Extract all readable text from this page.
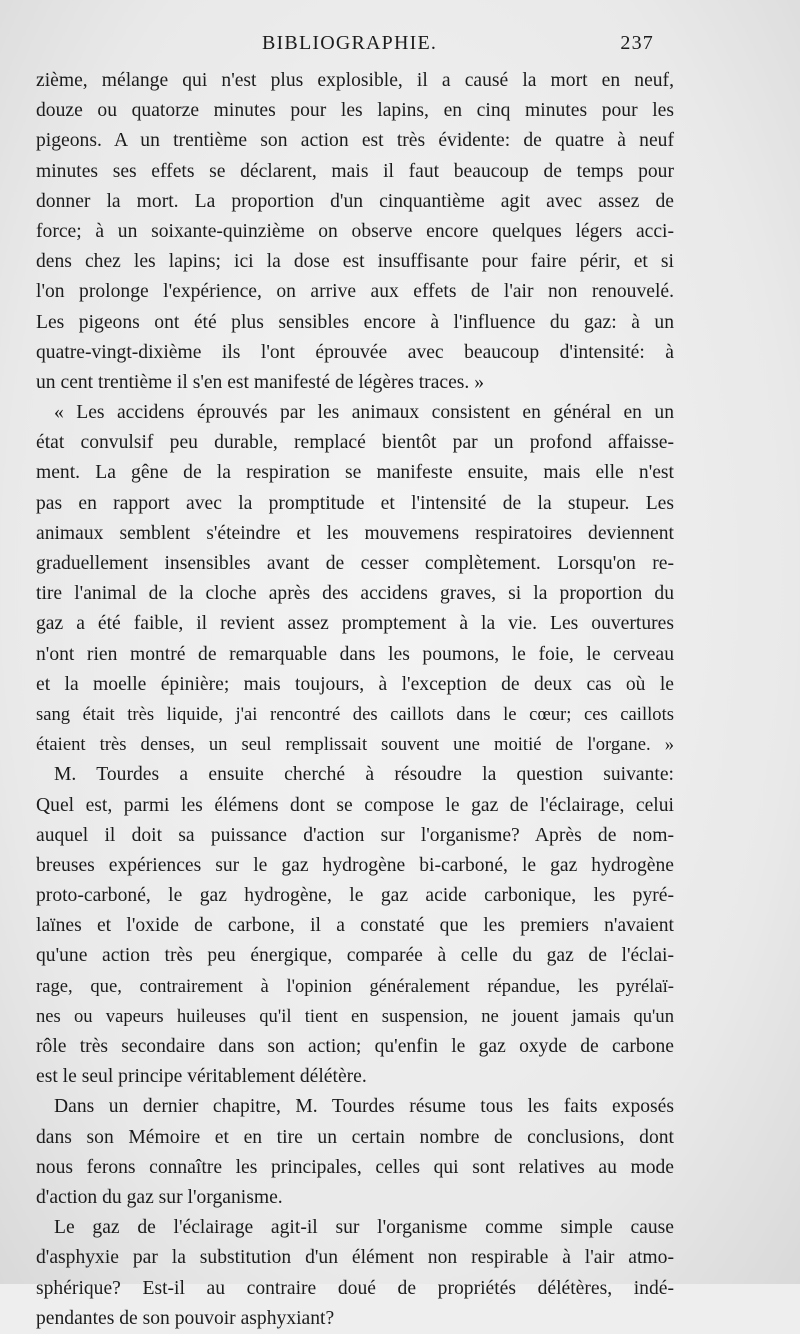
BIBLIOGRAPHIE.	237
zième, mélange qui n'est plus explosible, il a causé la mort en neuf,
douze ou quatorze minutes pour les lapins, en cinq minutes pour les
pigeons. A un trentième son action est très évidente: de quatre à neuf
minutes ses effets se déclarent, mais il faut beaucoup de temps pour
donner la mort. La proportion d'un cinquantième agit avec assez de
force; à un soixante-quinzième on observe encore quelques légers acci-
dens chez les lapins; ici la dose est insuffisante pour faire périr, et si
l'on prolonge l'expérience, on arrive aux effets de l'air non renouvelé.
Les pigeons ont été plus sensibles encore à l'influence du gaz: à un
quatre-vingt-dixième ils l'ont éprouvée avec beaucoup d'intensité: à
un cent trentième il s'en est manifesté de légères traces. »
« Les accidens éprouvés par les animaux consistent en général en un
état convulsif peu durable, remplacé bientôt par un profond affaisse-
ment. La gêne de la respiration se manifeste ensuite, mais elle n'est
pas en rapport avec la promptitude et l'intensité de la stupeur. Les
animaux semblent s'éteindre et les mouvemens respiratoires deviennent
graduellement insensibles avant de cesser complètement. Lorsqu'on re-
tire l'animal de la cloche après des accidens graves, si la proportion du
gaz a été faible, il revient assez promptement à la vie. Les ouvertures
n'ont rien montré de remarquable dans les poumons, le foie, le cerveau
et la moelle épinière; mais toujours, à l'exception de deux cas où le
sang était très liquide, j'ai rencontré des caillots dans le cœur; ces caillots
étaient très denses, un seul remplissait souvent une moitié de l'organe. »
M. Tourdes a ensuite cherché à résoudre la question suivante:
Quel est, parmi les élémens dont se compose le gaz de l'éclairage, celui
auquel il doit sa puissance d'action sur l'organisme? Après de nom-
breuses expériences sur le gaz hydrogène bi-carboné, le gaz hydrogène
proto-carboné, le gaz hydrogène, le gaz acide carbonique, les pyré-
laïnes et l'oxide de carbone, il a constaté que les premiers n'avaient
qu'une action très peu énergique, comparée à celle du gaz de l'éclai-
rage, que, contrairement à l'opinion généralement répandue, les pyrélaï-
nes ou vapeurs huileuses qu'il tient en suspension, ne jouent jamais qu'un
rôle très secondaire dans son action; qu'enfin le gaz oxyde de carbone
est le seul principe véritablement délétère.
Dans un dernier chapitre, M. Tourdes résume tous les faits exposés
dans son Mémoire et en tire un certain nombre de conclusions, dont
nous ferons connaître les principales, celles qui sont relatives au mode
d'action du gaz sur l'organisme.
Le gaz de l'éclairage agit-il sur l'organisme comme simple cause
d'asphyxie par la substitution d'un élément non respirable à l'air atmo-
sphérique? Est-il au contraire doué de propriétés délétères, indé-
pendantes de son pouvoir asphyxiant?
